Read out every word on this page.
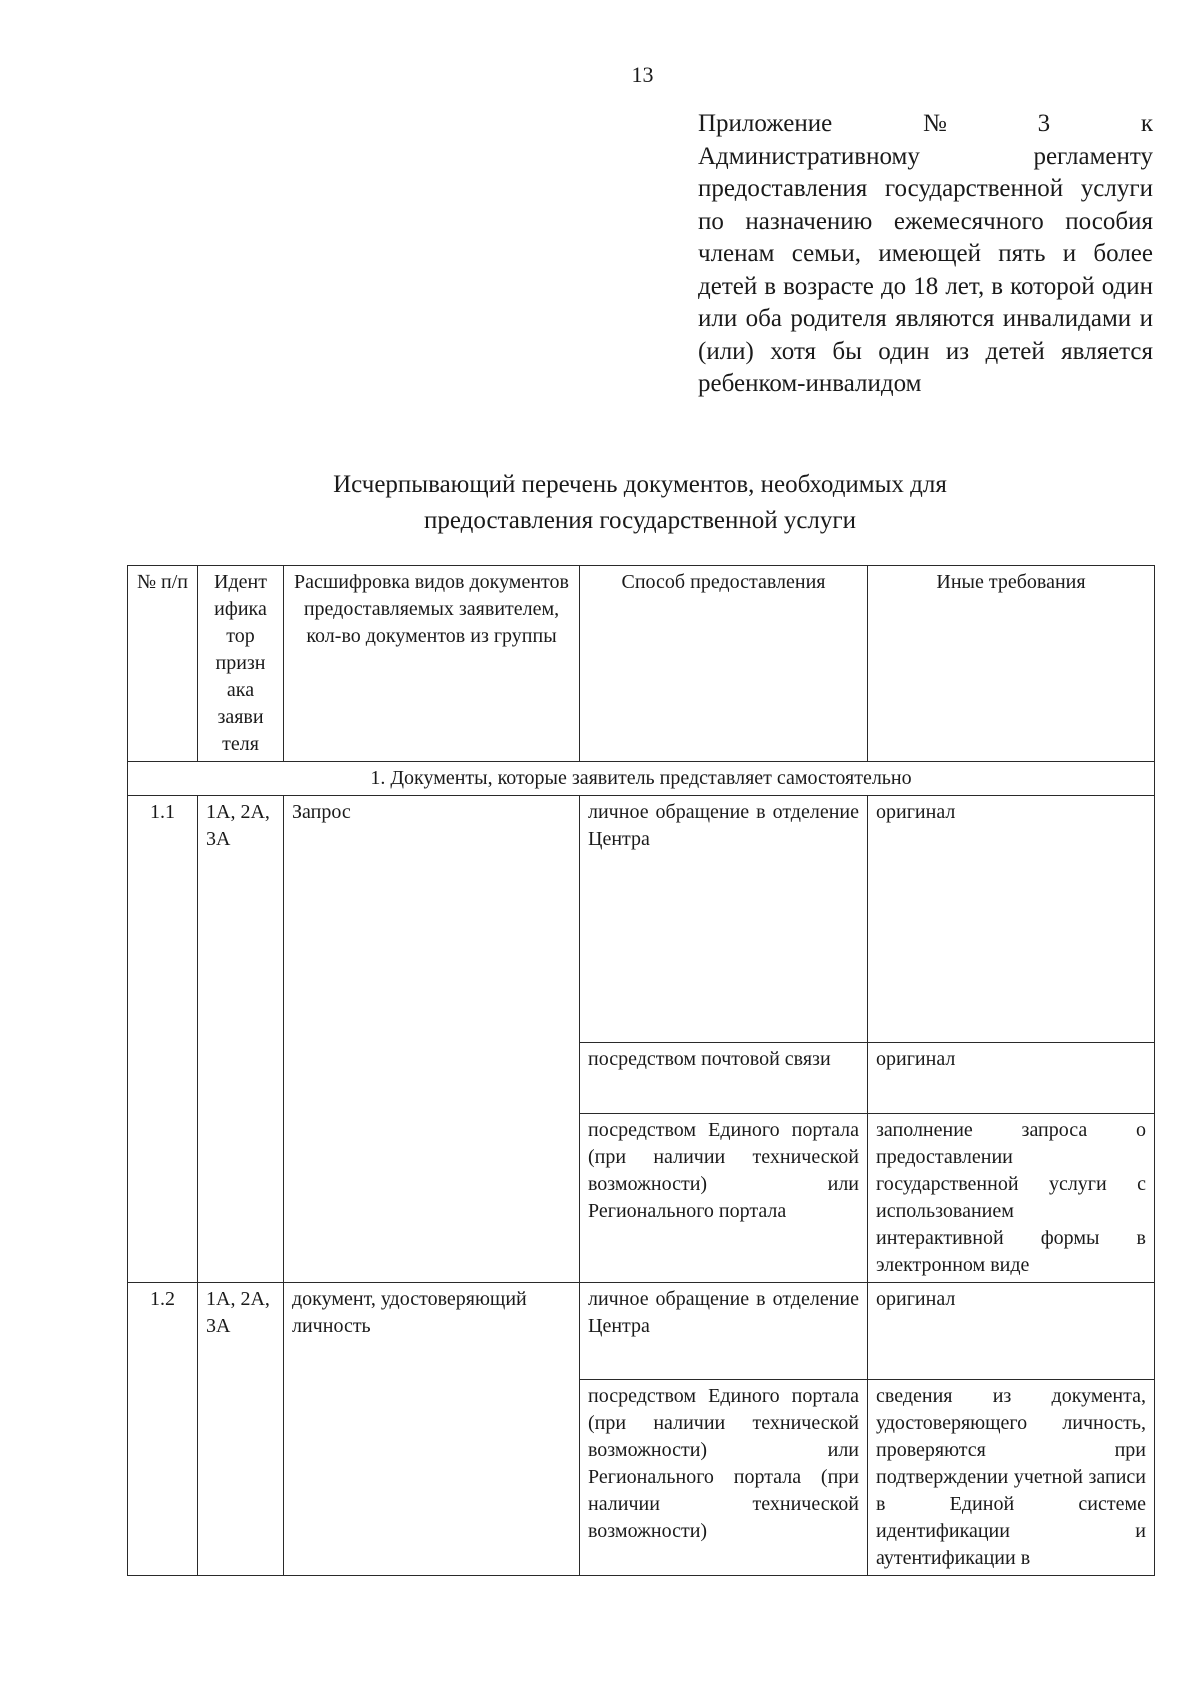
13
Приложение	№	3	к
Административному регламенту предоставления государственной услуги по назначению ежемесячного пособия членам семьи, имеющей пять и более детей в возрасте до 18 лет, в которой один или оба родителя являются инвалидами и (или) хотя бы один из детей является ребенком-инвалидом
Исчерпывающий перечень документов, необходимых для
предоставления государственной услуги
№ п/п	Идент ифика тор призн ака заяви теля	Расшифровка видов документов предоставляемых заявителем, кол-во документов из группы	Способ предоставления	Иные требования
1. Документы, которые заявитель представляет самостоятельно				
1.1	1А, 2А, 3А	Запрос	личное обращение в отделение Центра	оригинал
			посредством почтовой связи	оригинал
			посредством Единого портала (при наличии технической возможности) или Регионального портала	заполнение запроса о предоставлении государственной услуги с использованием интерактивной формы в электронном виде
1.2	1А, 2А, 3А	документ, удостоверяющий личность	личное обращение в отделение Центра	оригинал
			посредством Единого портала (при наличии технической возможности) или Регионального портала (при наличии технической возможности)	сведения из документа, удостоверяющего личность, проверяются при подтверждении учетной записи в Единой системе идентификации и аутентификации в
